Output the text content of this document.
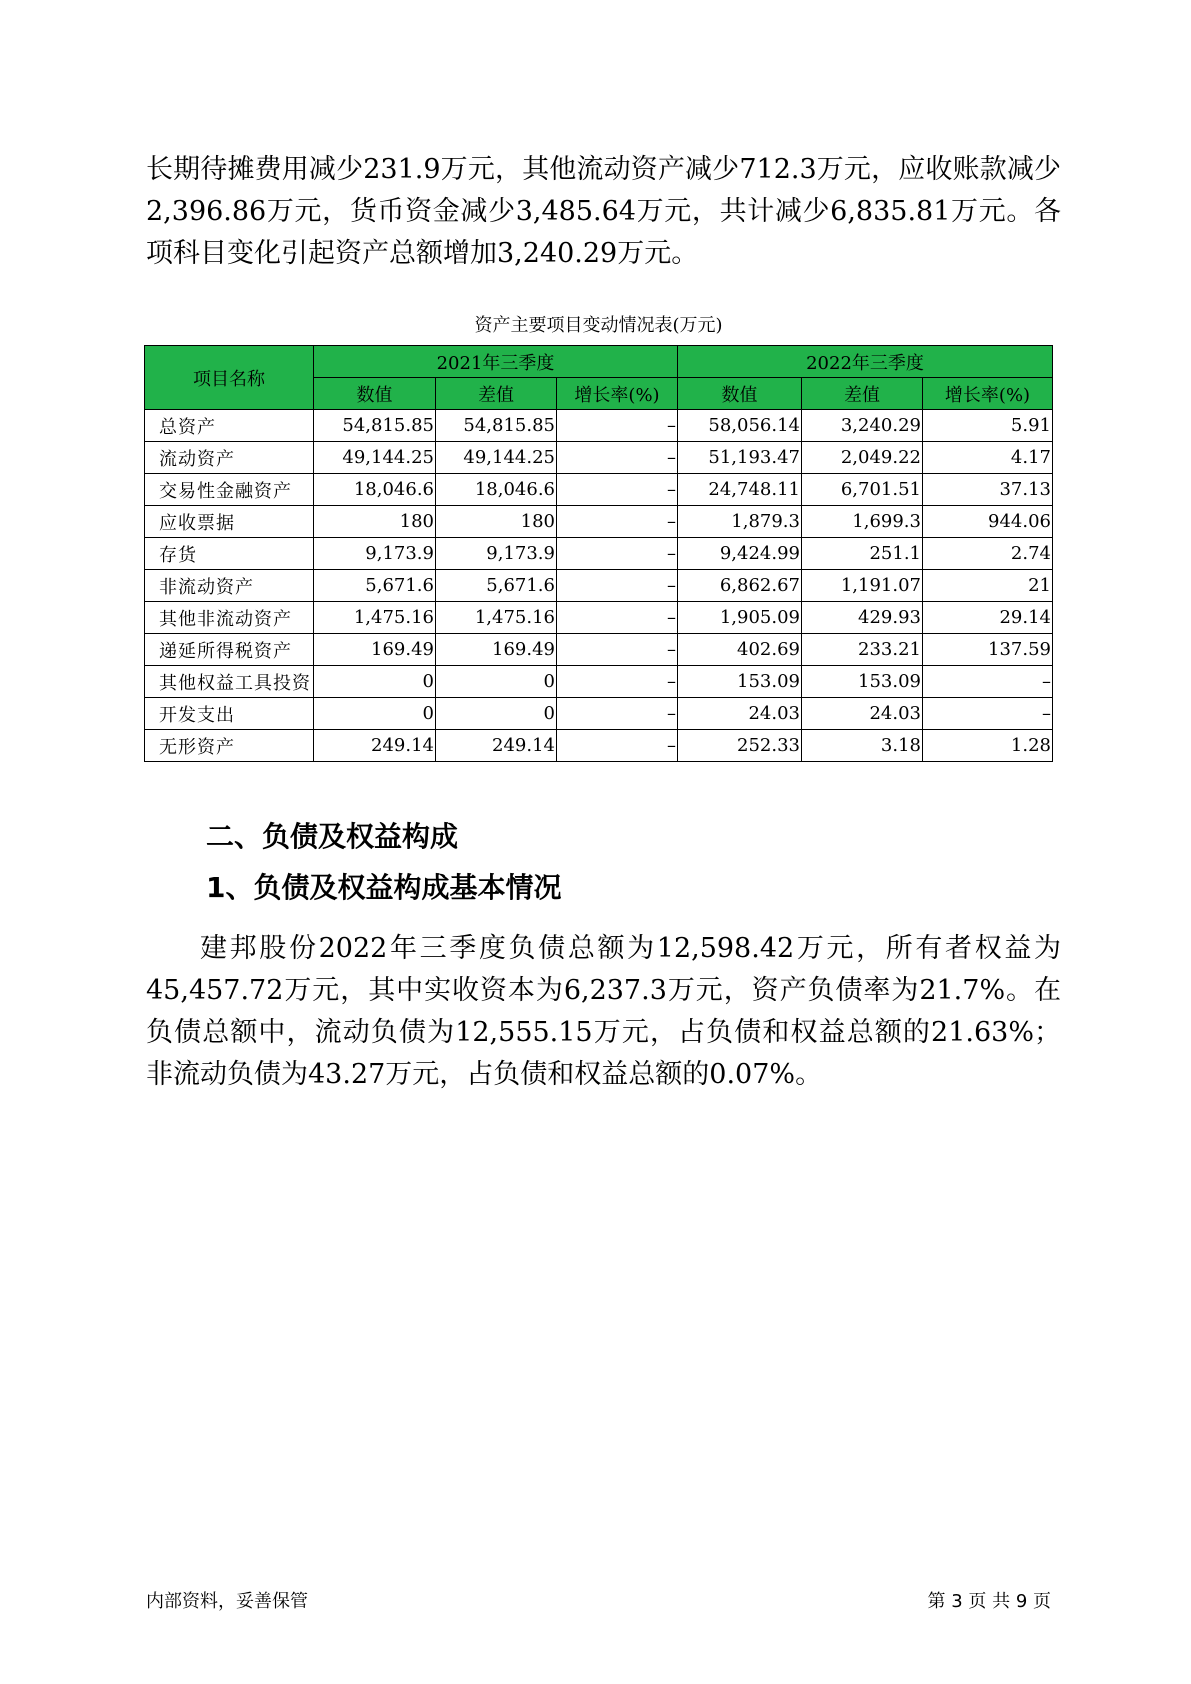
长期待摊费用减少231.9万元，其他流动资产减少712.3万元，应收账款减少2,396.86万元，货币资金减少3,485.64万元，共计减少6,835.81万元。各项科目变化引起资产总额增加3,240.29万元。

资产主要项目变动情况表(万元)
项目名称	2021年三季度			2022年三季度		
	数值	差值	增长率(%)	数值	差值	增长率(%)
总资产	54,815.85	54,815.85	–	58,056.14	3,240.29	5.91
流动资产	49,144.25	49,144.25	–	51,193.47	2,049.22	4.17
交易性金融资产	18,046.6	18,046.6	–	24,748.11	6,701.51	37.13
应收票据	180	180	–	1,879.3	1,699.3	944.06
存货	9,173.9	9,173.9	–	9,424.99	251.1	2.74
非流动资产	5,671.6	5,671.6	–	6,862.67	1,191.07	21
其他非流动资产	1,475.16	1,475.16	–	1,905.09	429.93	29.14
递延所得税资产	169.49	169.49	–	402.69	233.21	137.59
其他权益工具投资	0	0	–	153.09	153.09	–
开发支出	0	0	–	24.03	24.03	–
无形资产	249.14	249.14	–	252.33	3.18	1.28
二、负债及权益构成
1、负债及权益构成基本情况

建邦股份2022年三季度负债总额为12,598.42万元，所有者权益为45,457.72万元，其中实收资本为6,237.3万元，资产负债率为21.7%。在负债总额中，流动负债为12,555.15万元，占负债和权益总额的21.63%；非流动负债为43.27万元，占负债和权益总额的0.07%。

内部资料，妥善保管	第 3 页 共 9 页
